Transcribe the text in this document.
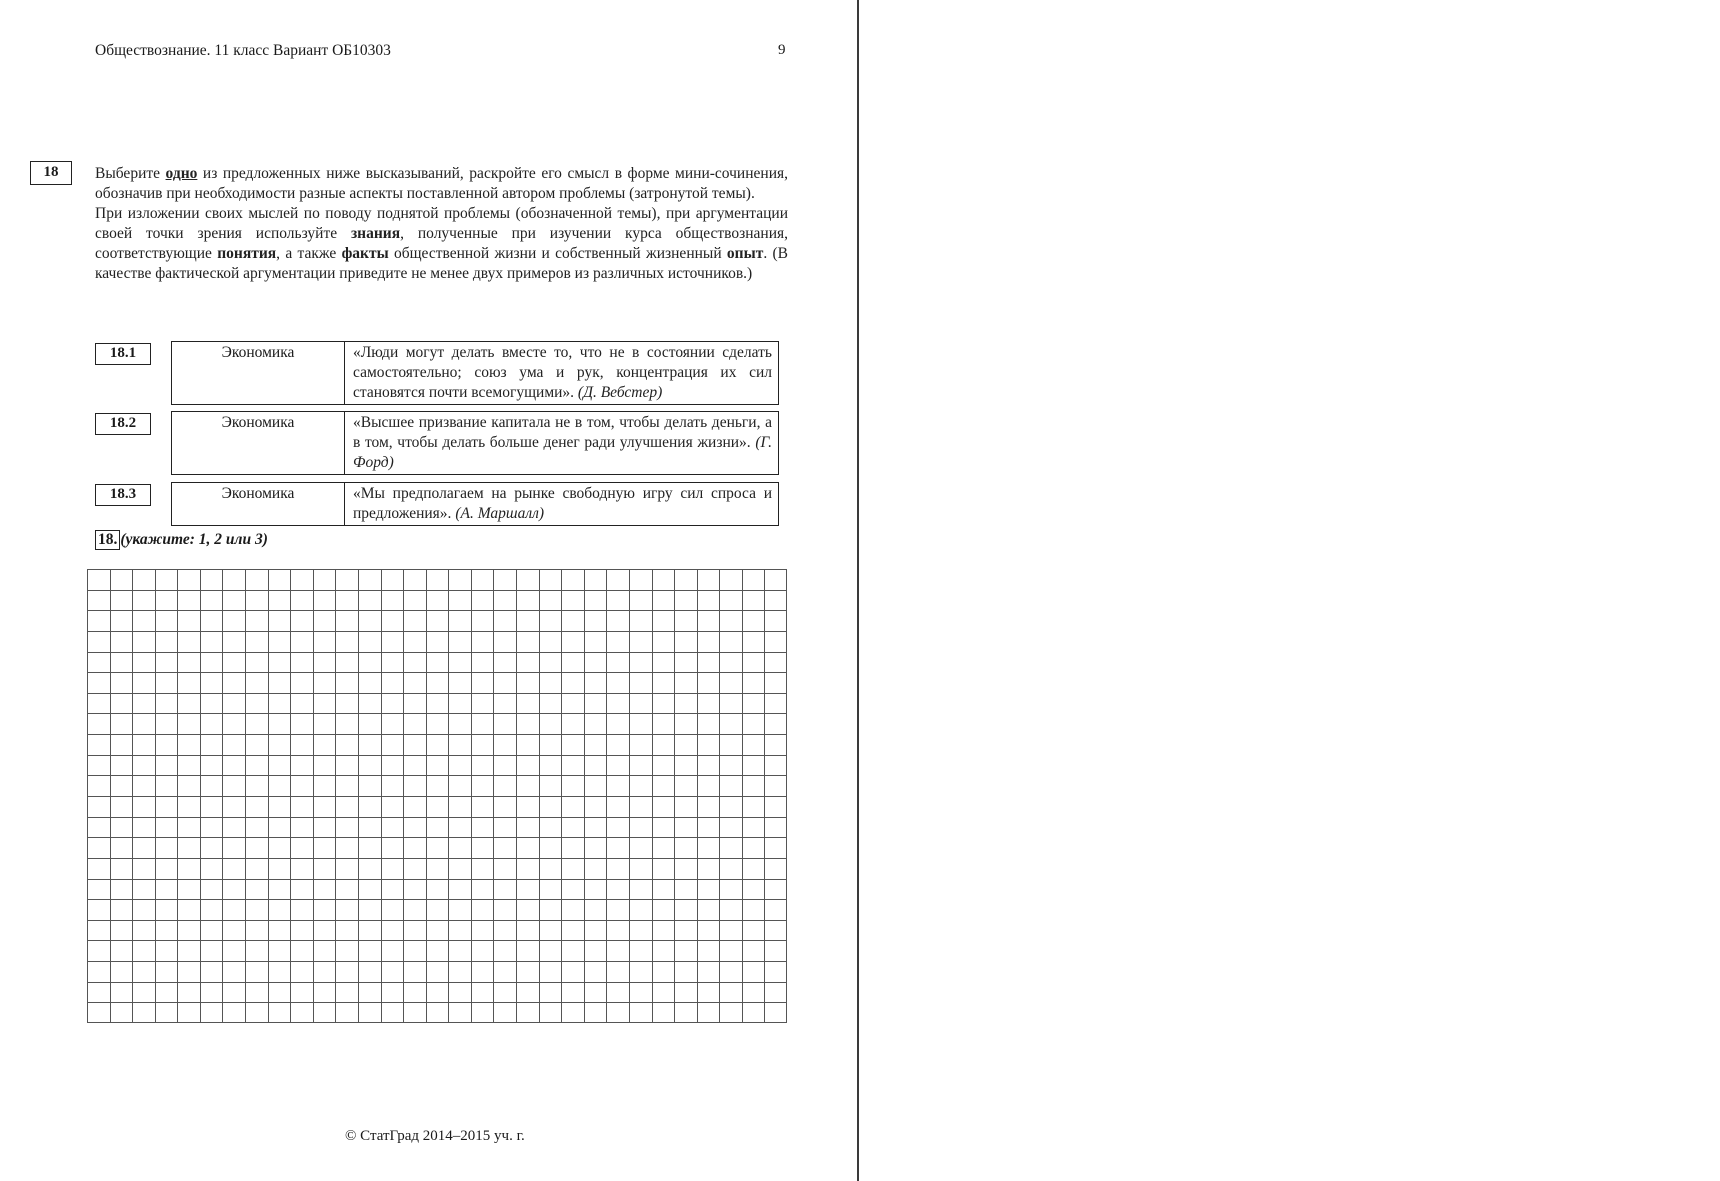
Обществознание. 11 класс Вариант ОБ10303	9
18	Выберите одно из предложенных ниже высказываний, раскройте его смысл в форме мини-сочинения, обозначив при необходимости разные аспекты поставленной автором проблемы (затронутой темы).

При изложении своих мыслей по поводу поднятой проблемы (обозначенной темы), при аргументации своей точки зрения используйте знания, полученные при изучении курса обществознания, соответствующие понятия, а также факты общественной жизни и собственный жизненный опыт. (В качестве фактической аргументации приведите не менее двух примеров из различных источников.)

18.1	Экономика	«Люди могут делать вместе то, что не в состоянии сделать самостоятельно; союз ума и рук, концентрация их сил становятся почти всемогущими». (Д. Вебстер)
18.2	Экономика	«Высшее призвание капитала не в том, чтобы делать деньги, а в том, чтобы делать больше денег ради улучшения жизни». (Г. Форд)
18.3	Экономика	«Мы предполагаем на рынке свободную игру сил спроса и предложения». (А. Маршалл)
18. (укажите: 1, 2 или 3)
© СтатГрад 2014–2015 уч. г.
